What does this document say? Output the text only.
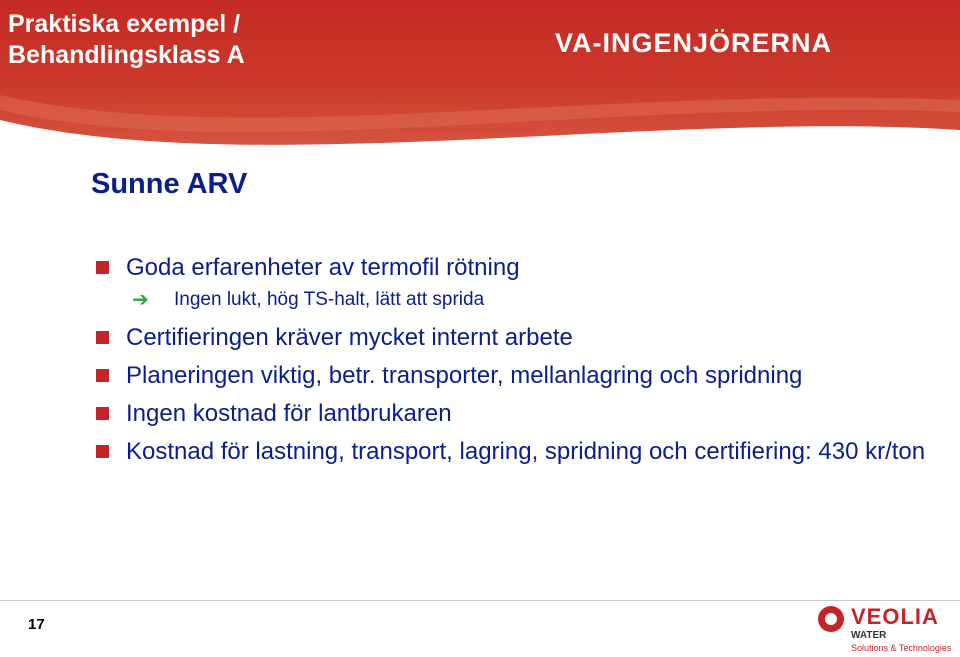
Praktiska exempel /
Behandlingsklass A	VA-INGENJÖRERNA
Sunne ARV
Goda erfarenheter av termofil rötning
➔ Ingen lukt, hög TS-halt, lätt att sprida
Certifieringen kräver mycket internt arbete
Planeringen viktig, betr. transporter, mellanlagring och spridning
Ingen kostnad för lantbrukaren
Kostnad för lastning, transport, lagring, spridning och certifiering: 430 kr/ton
17	VEOLIA
WATER
Solutions & Technologies
